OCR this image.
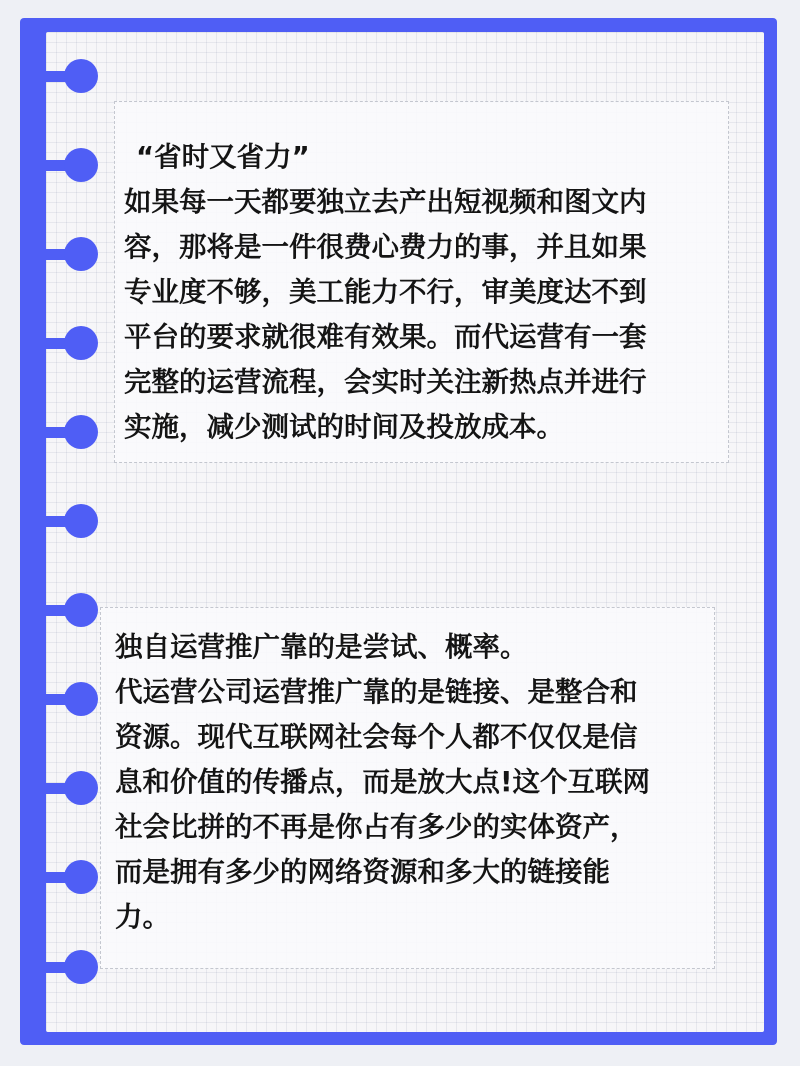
“省时又省力”

如果每一天都要独立去产出短视频和图文内
容，那将是一件很费心费力的事，并且如果
专业度不够，美工能力不行，审美度达不到
平台的要求就很难有效果。而代运营有一套
完整的运营流程，会实时关注新热点并进行
实施，减少测试的时间及投放成本。
独自运营推广靠的是尝试、概率。
代运营公司运营推广靠的是链接、是整合和
资源。现代互联网社会每个人都不仅仅是信
息和价值的传播点，而是放大点!这个互联网
社会比拼的不再是你占有多少的实体资产，
而是拥有多少的网络资源和多大的链接能
力。
